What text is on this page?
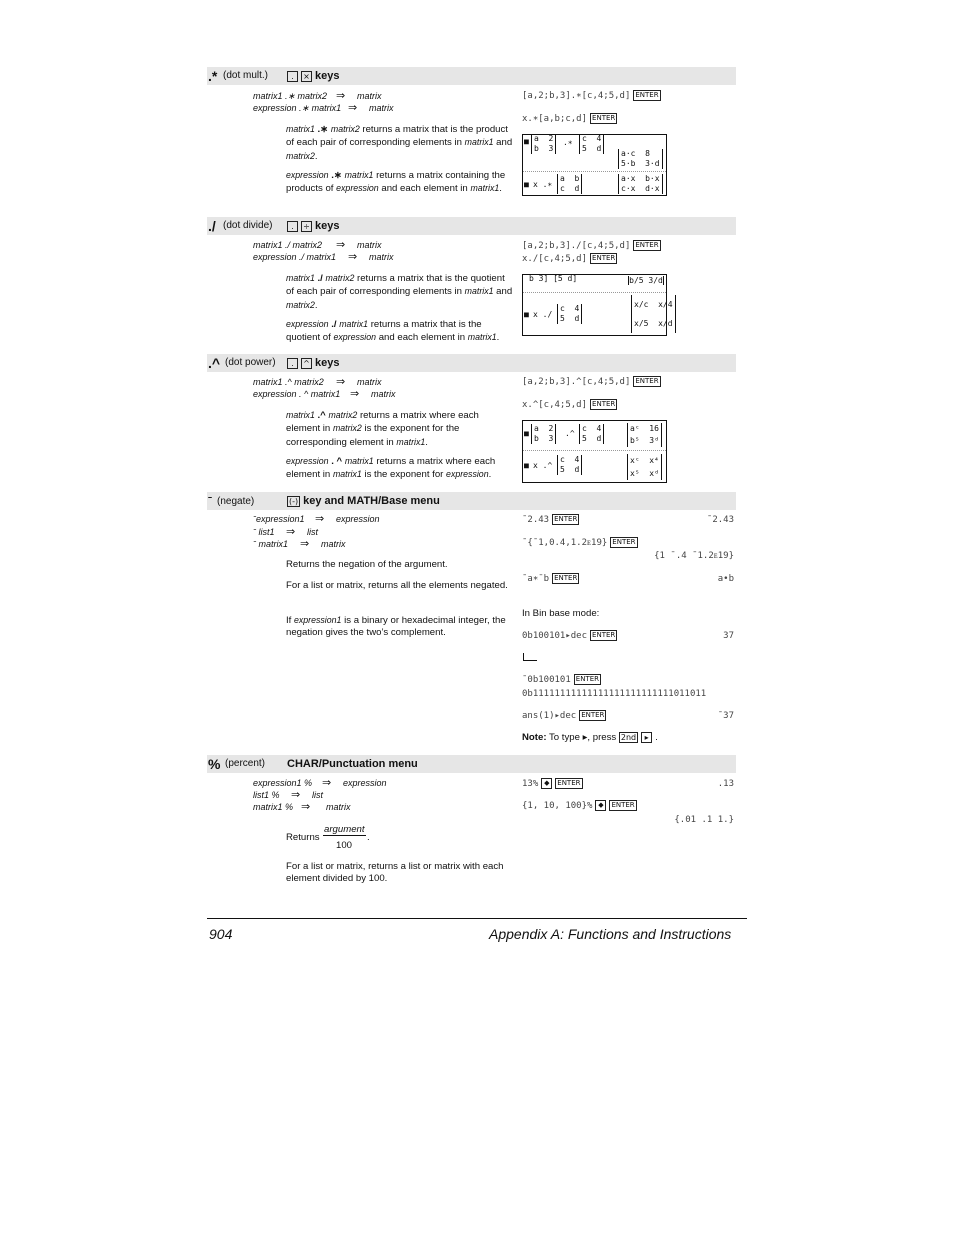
.* (dot mult.)	. × keys
matrix1 .∗ matrix2 ⇒ matrix
expression .∗ matrix1 ⇒ matrix
matrix1 .∗ matrix2 returns a matrix that is the product of each pair of corresponding elements in matrix1 and matrix2.
expression .∗ matrix1 returns a matrix containing the products of expression and each element in matrix1.
[a,2;b,3].∗[c,4;5,d] ENTER
x.∗[a,b;c,d] ENTER
■ a  2
b  3
.∗	c  4
5  d
a·c  8
5·b  3·d
■ x .∗
a  b
c  d
a·x  b·x
c·x  d·x
./ (dot divide)	. ÷ keys
matrix1 ./ matrix2 ⇒ matrix
expression ./ matrix1 ⇒ matrix
matrix1 ./ matrix2 returns a matrix that is the quotient of each pair of corresponding elements in matrix1 and matrix2.
expression ./ matrix1 returns a matrix that is the quotient of expression and each element in matrix1.
[a,2;b,3]./[c,4;5,d] ENTER
x./[c,4;5,d] ENTER
b 3] [5 d]	b/5 3/d
■ x ./
c  4
5  d
x/c  x/4
x/5  x/d
.^ (dot power)	. ^ keys
matrix1 .^ matrix2 ⇒ matrix
expression . ^ matrix1 ⇒ matrix
matrix1 .^ matrix2 returns a matrix where each element in matrix2 is the exponent for the corresponding element in matrix1.
expression . ^ matrix1 returns a matrix where each element in matrix1 is the exponent for expression.
[a,2;b,3].^[c,4;5,d] ENTER
x.^[c,4;5,d] ENTER
■
a  2
b  3
.^
c  4
5  d
aᶜ  16
b⁵  3ᵈ
■ x .^
c  4
5  d
xᶜ  x⁴
x⁵  xᵈ
ˉ (negate)	(-) key and MATH/Base menu
ˉexpression1 ⇒ expression
ˉ list1 ⇒ list
ˉ matrix1 ⇒ matrix
Returns the negation of the argument.
For a list or matrix, returns all the elements negated.
If expression1 is a binary or hexadecimal integer, the negation gives the two’s complement.
ˉ2.43 ENTER	ˉ2.43
ˉ{ˉ1,0.4,1.2ᴇ19} ENTER
{1 ˉ.4 ˉ1.2ᴇ19}
ˉa∗ˉb ENTER	a•b
In Bin base mode:
0b100101▸dec ENTER	37
ˉ0b100101 ENTER
0b11111111111111111111111111011011
ans(1)▸dec ENTER	ˉ37
Note: To type ▸, press 2nd ▸ .
% (percent) CHAR/Punctuation menu
expression1 % ⇒ expression
list1 % ⇒ list
matrix1 % ⇒ matrix
Returns
argument
.
100
For a list or matrix, returns a list or matrix with each element divided by 100.
13% ◆ ENTER	.13
{1, 10, 100}% ◆ ENTER
{.01 .1 1.}
904	Appendix A: Functions and Instructions
